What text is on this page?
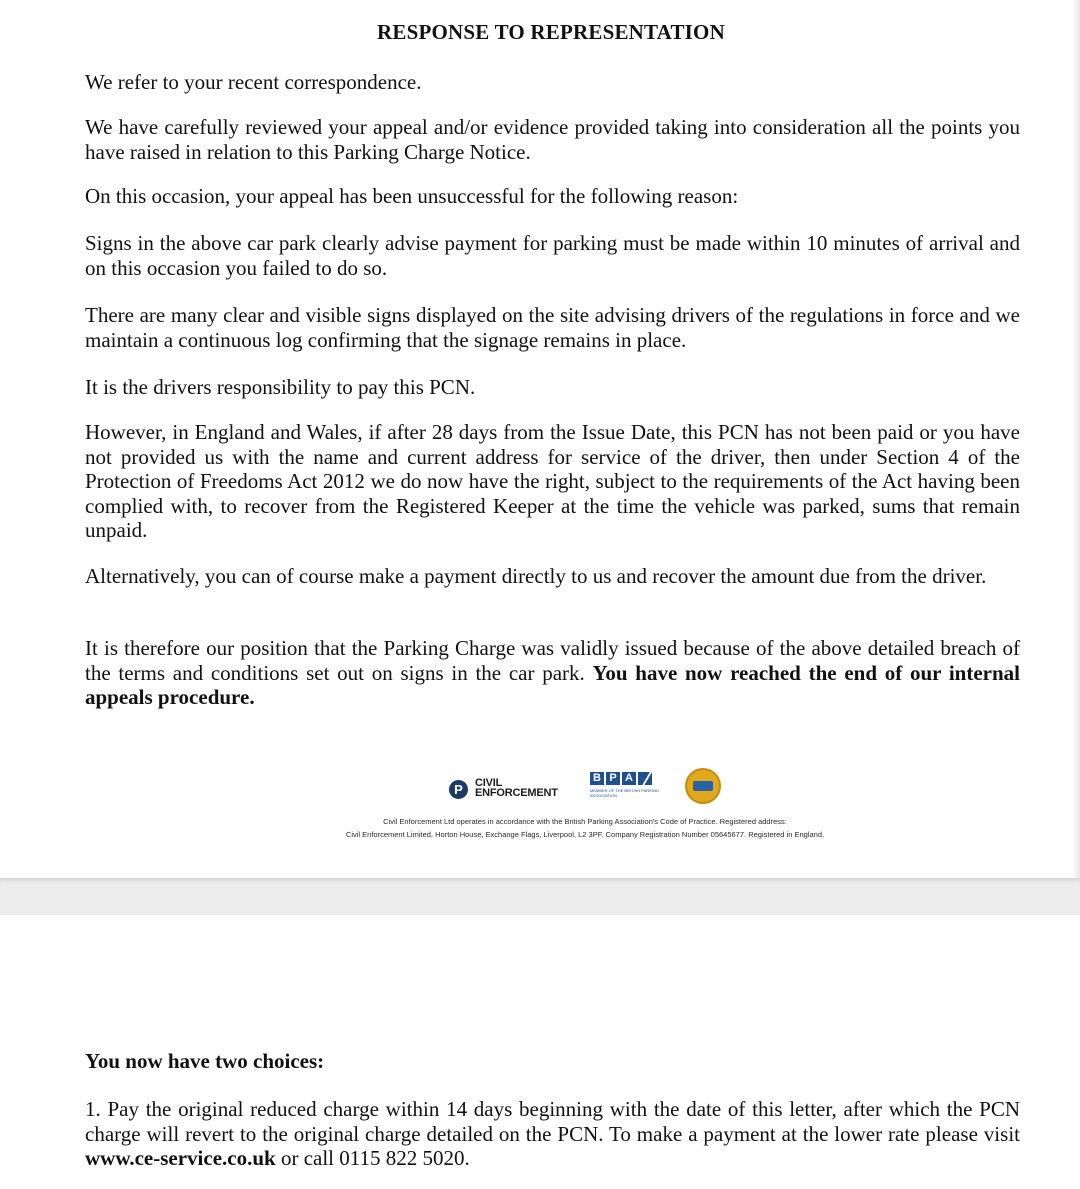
RESPONSE TO REPRESENTATION

We refer to your recent correspondence.

We have carefully reviewed your appeal and/or evidence provided taking into consideration all the points you have raised in relation to this Parking Charge Notice.

On this occasion, your appeal has been unsuccessful for the following reason:

Signs in the above car park clearly advise payment for parking must be made within 10 minutes of arrival and on this occasion you failed to do so.

There are many clear and visible signs displayed on the site advising drivers of the regulations in force and we maintain a continuous log confirming that the signage remains in place.

It is the drivers responsibility to pay this PCN.

However, in England and Wales, if after 28 days from the Issue Date, this PCN has not been paid or you have not provided us with the name and current address for service of the driver, then under Section 4 of the Protection of Freedoms Act 2012 we do now have the right, subject to the requirements of the Act having been complied with, to recover from the Registered Keeper at the time the vehicle was parked, sums that remain unpaid.

Alternatively, you can of course make a payment directly to us and recover the amount due from the driver.

It is therefore our position that the Parking Charge was validly issued because of the above detailed breach of the terms and conditions set out on signs in the car park. You have now reached the end of our internal appeals procedure.

P	CIVIL
ENFORCEMENT
B P A
MEMBER OF THE BRITISH PARKING ASSOCIATION
Civil Enforcement Ltd operates in accordance with the British Parking Association's Code of Practice. Registered address:
Civil Enforcement Limited, Horton House, Exchange Flags, Liverpool, L2 3PF. Company Registration Number 05645677. Registered in England.

You now have two choices:

1. Pay the original reduced charge within 14 days beginning with the date of this letter, after which the PCN charge will revert to the original charge detailed on the PCN. To make a payment at the lower rate please visit www.ce-service.co.uk or call 0115 822 5020.
